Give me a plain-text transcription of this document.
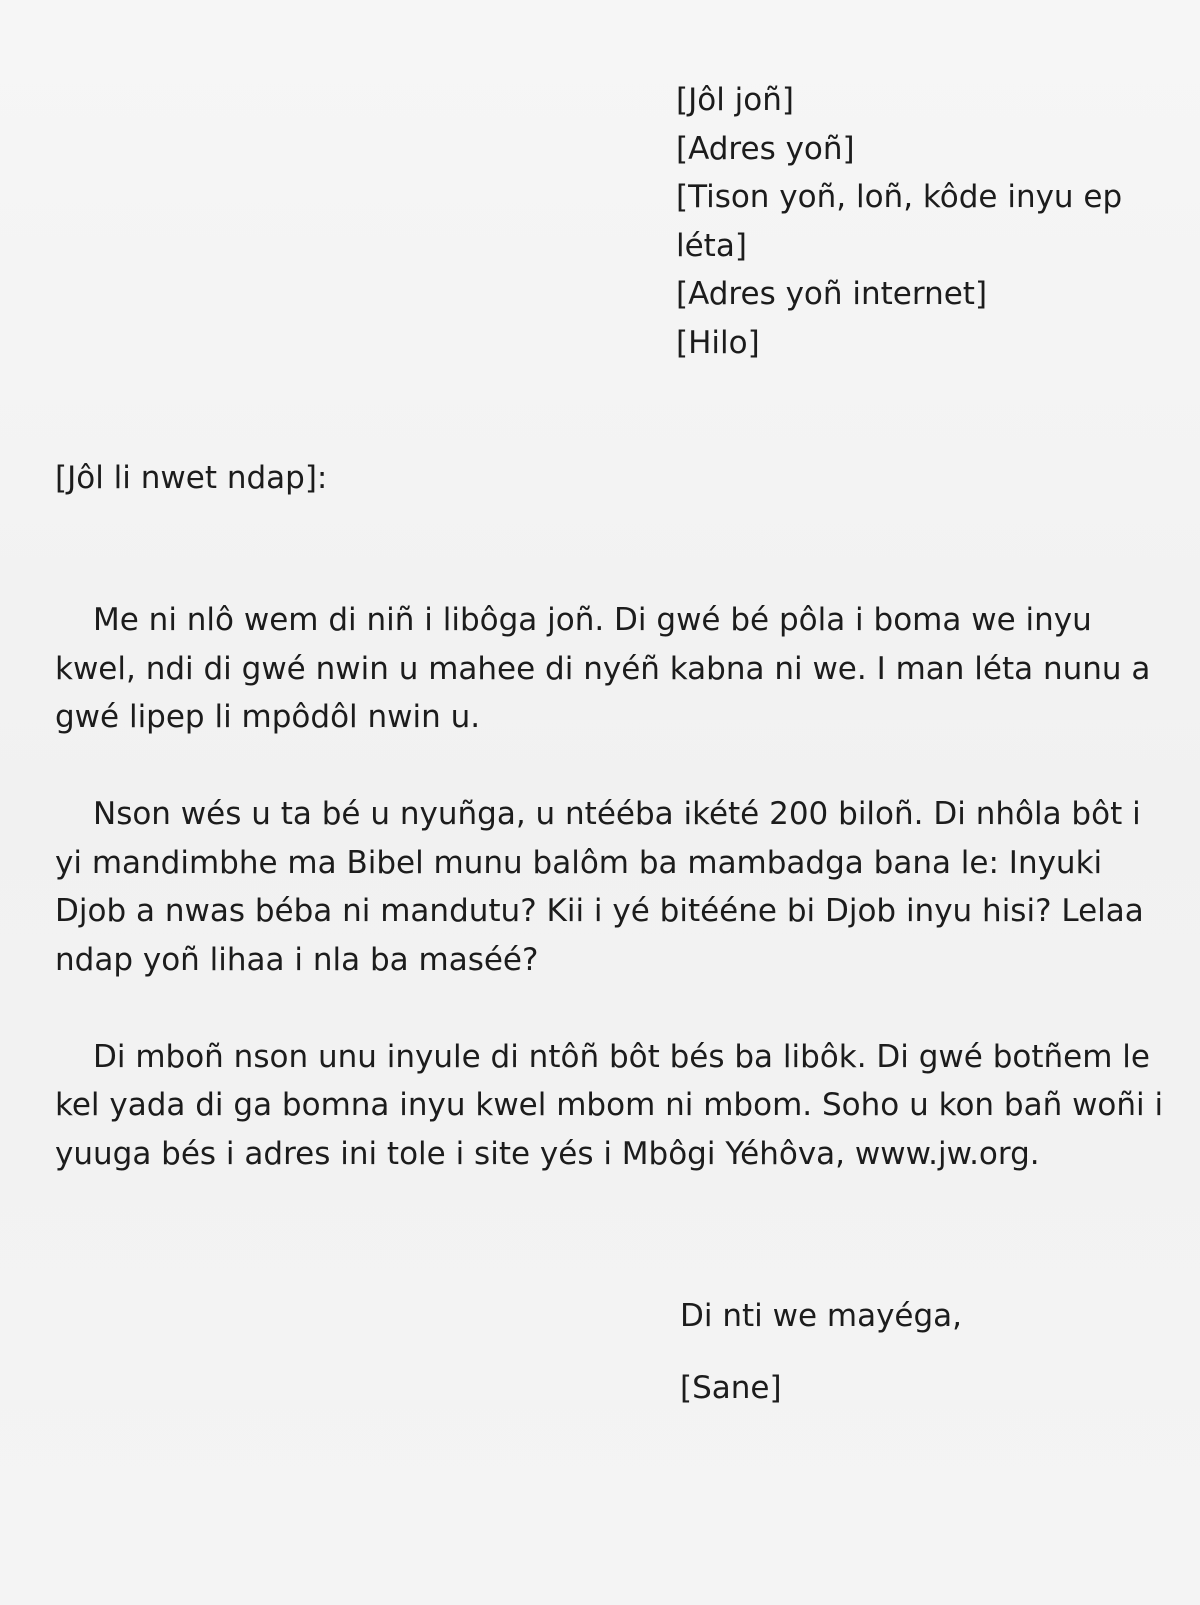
[Jôl joñ]
[Adres yoñ]
[Tison yoñ, loñ, kôde inyu ep léta]
[Adres yoñ internet]
[Hilo]
[Jôl li nwet ndap]:

Me ni nlô wem di niñ i libôga joñ. Di gwé bé pôla i boma we inyu kwel, ndi di gwé nwin u mahee di nyéñ kabna ni we. I man léta nunu a gwé lipep li mpôdôl nwin u.

Nson wés u ta bé u nyuñga, u ntééba ikété 200 biloñ. Di nhôla bôt i yi mandimbhe ma Bibel munu balôm ba mambadga bana le: Inyuki Djob a nwas béba ni mandutu? Kii i yé bitééne bi Djob inyu hisi? Lelaa ndap yoñ lihaa i nla ba maséé?

Di mboñ nson unu inyule di ntôñ bôt bés ba libôk. Di gwé botñem le kel yada di ga bomna inyu kwel mbom ni mbom. Soho u kon bañ woñi i yuuga bés i adres ini tole i site yés i Mbôgi Yéhôva, www.jw.org.

Di nti we mayéga,
[Sane]
